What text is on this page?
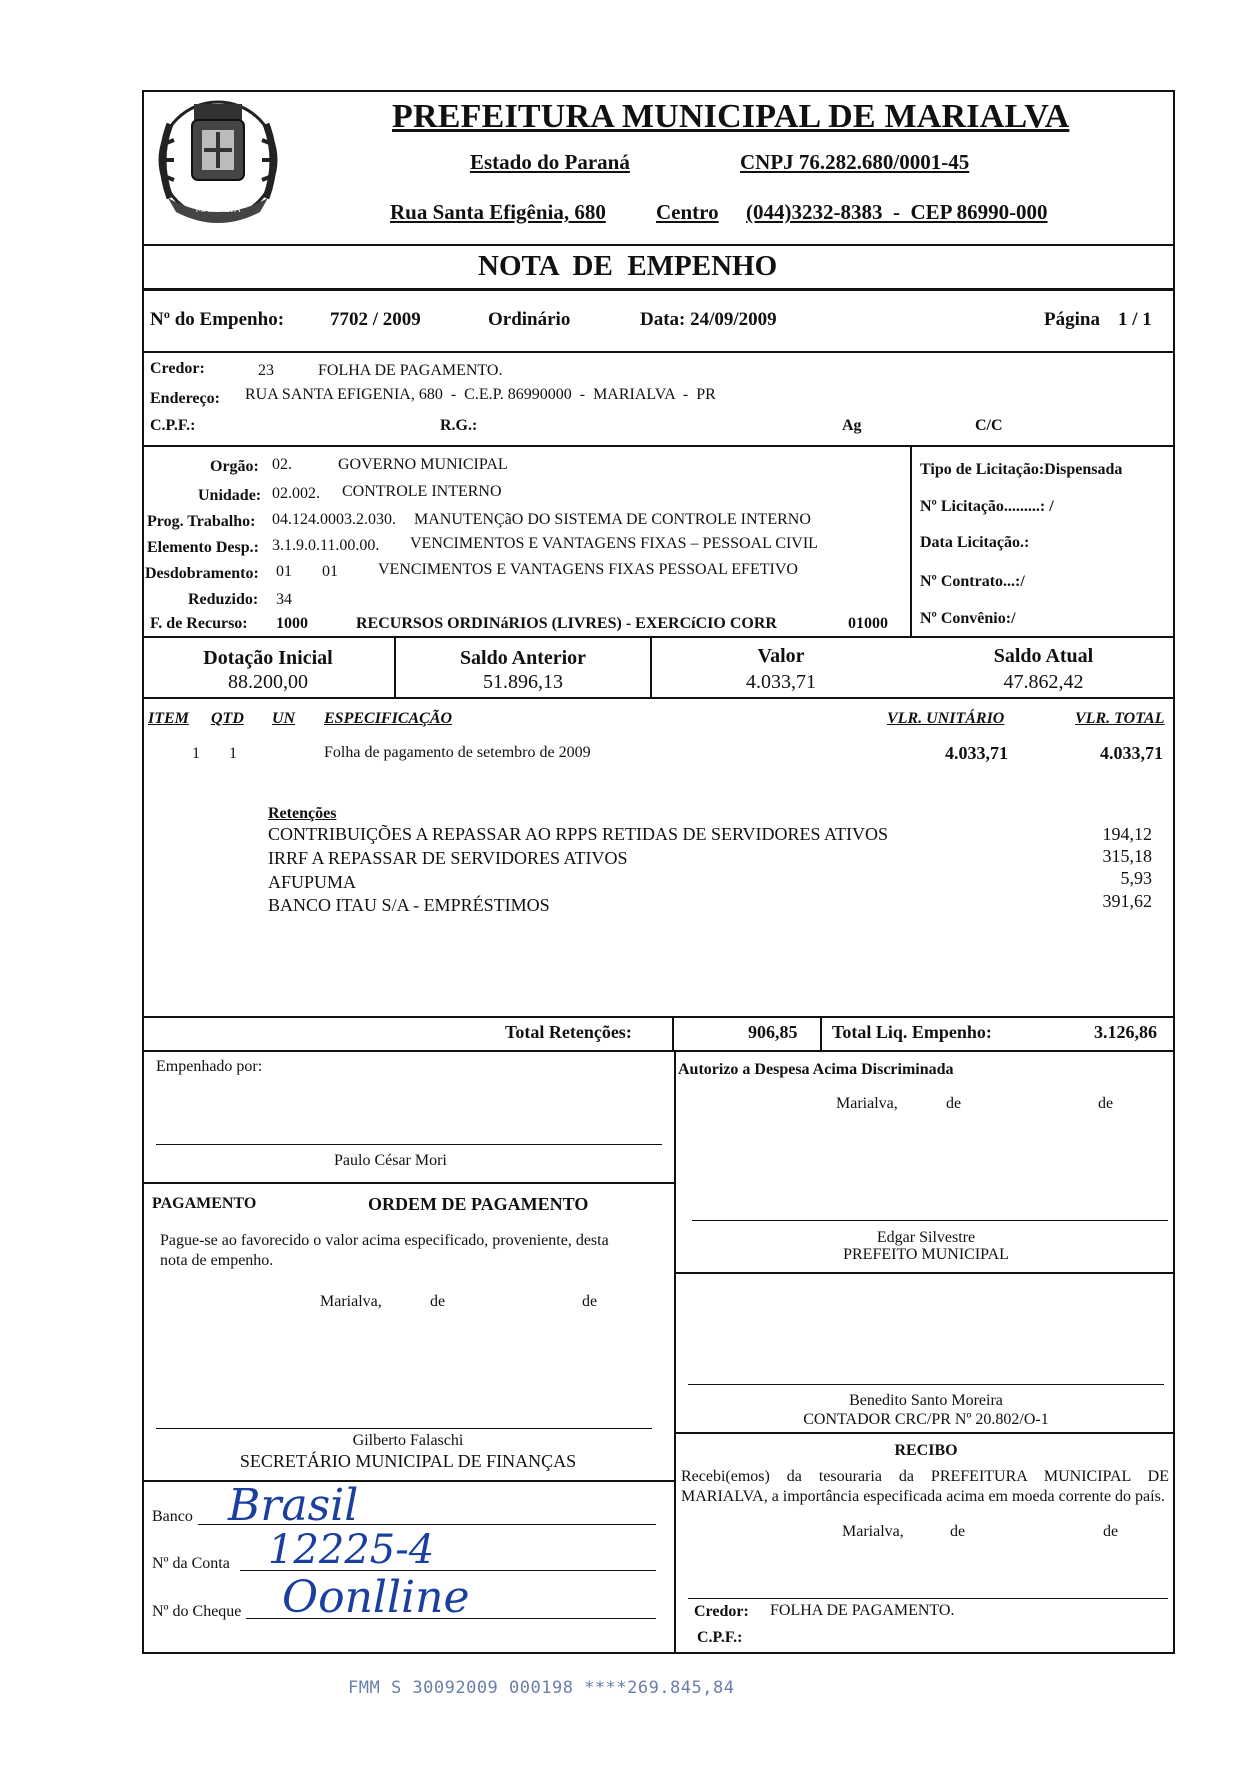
MARIALVA
PREFEITURA MUNICIPAL DE MARIALVA
Estado do Paraná	CNPJ 76.282.680/0001-45
Rua Santa Efigênia, 680 Centro (044)3232-8383  -  CEP 86990-000
NOTA  DE  EMPENHO
Nº do Empenho: 7702 / 2009	Ordinário	Data: 24/09/2009	Página 1 / 1
Credor:	23	FOLHA DE PAGAMENTO.
Endereço: RUA SANTA EFIGENIA, 680  -  C.E.P. 86990000  -  MARIALVA  -  PR
C.P.F.:	R.G.:	Ag	C/C
Orgão: 02.	GOVERNO MUNICIPAL
Unidade: 02.002. CONTROLE INTERNO
Prog. Trabalho: 04.124.0003.2.030. MANUTENÇãO DO SISTEMA DE CONTROLE INTERNO
Elemento Desp.: 3.1.9.0.11.00.00. VENCIMENTOS E VANTAGENS FIXAS – PESSOAL CIVIL
Desdobramento: 01 01	VENCIMENTOS E VANTAGENS FIXAS PESSOAL EFETIVO
Reduzido: 34
F. de Recurso: 1000	RECURSOS ORDINáRIOS (LIVRES) - EXERCíCIO CORR	01000
Tipo de Licitação:Dispensada
Nº Licitação.........: /
Data Licitação.:
Nº Contrato...:/
Nº Convênio:/
Dotação Inicial
88.200,00
Saldo Anterior
51.896,13
Valor
4.033,71
Saldo Atual
47.862,42
ITEM QTD UN ESPECIFICAÇÃO	VLR. UNITÁRIO	VLR. TOTAL
1 1	Folha de pagamento de setembro de 2009	4.033,71	4.033,71
Retenções
CONTRIBUIÇÕES A REPASSAR AO RPPS RETIDAS DE SERVIDORES ATIVOS	194,12
IRRF A REPASSAR DE SERVIDORES ATIVOS	315,18
AFUPUMA	5,93
BANCO ITAU S/A - EMPRÉSTIMOS	391,62
Total Retenções:	906,85 Total Liq. Empenho:	3.126,86
Empenhado por:
Paulo César Mori
Autorizo a Despesa Acima Discriminada
Marialva,	de	de
Edgar Silvestre
PREFEITO MUNICIPAL
PAGAMENTO	ORDEM DE PAGAMENTO
Pague-se ao favorecido o valor acima especificado, proveniente, desta nota de empenho.
Marialva,	de	de
Gilberto Falaschi
SECRETÁRIO MUNICIPAL DE FINANÇAS
Benedito Santo Moreira
CONTADOR CRC/PR Nº 20.802/O-1
RECIBO
Recebi(emos) da tesouraria da PREFEITURA MUNICIPAL DE MARIALVA, a importância especificada acima em moeda corrente do país.
Marialva,	de	de
Credor: FOLHA DE PAGAMENTO.
C.P.F.:
Banco Brasil
Nº da Conta 12225-4
Nº do Cheque Oonlline
FMM S 30092009 000198 ****269.845,84
